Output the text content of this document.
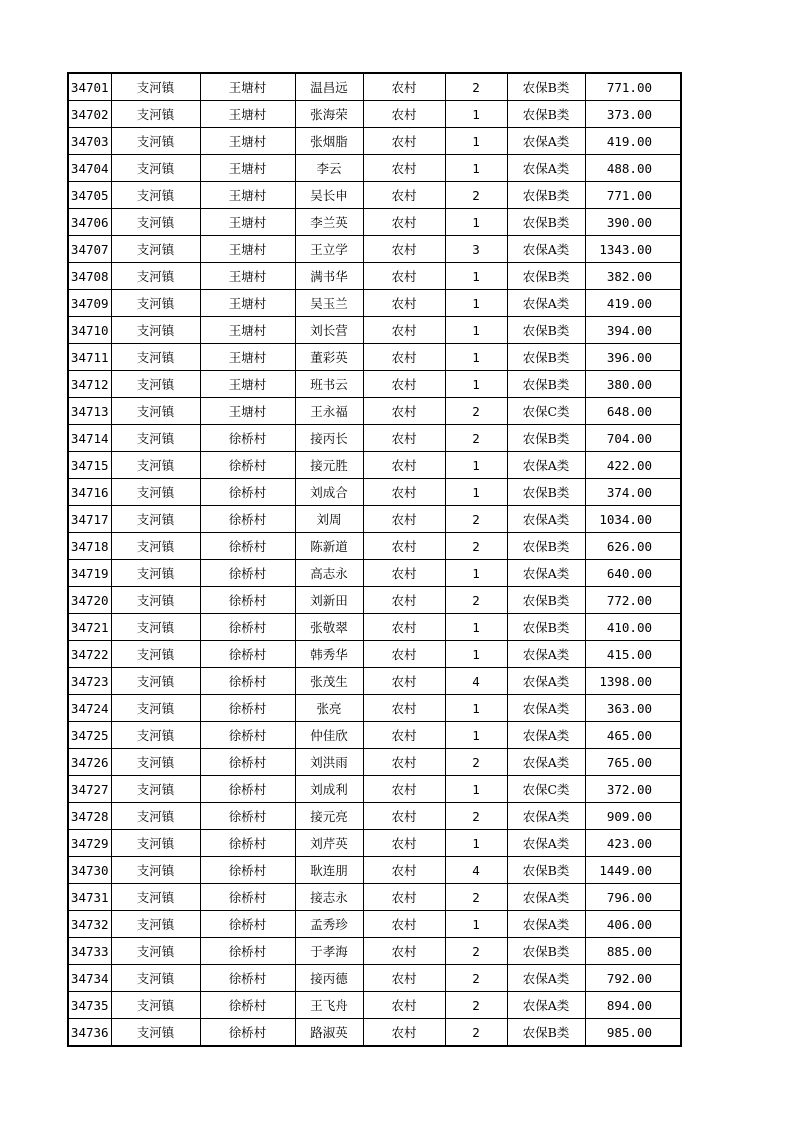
34701	支河镇	王塘村	温昌远	农村	2	农保B类	771.00
34702	支河镇	王塘村	张海荣	农村	1	农保B类	373.00
34703	支河镇	王塘村	张烟脂	农村	1	农保A类	419.00
34704	支河镇	王塘村	李云	农村	1	农保A类	488.00
34705	支河镇	王塘村	吴长申	农村	2	农保B类	771.00
34706	支河镇	王塘村	李兰英	农村	1	农保B类	390.00
34707	支河镇	王塘村	王立学	农村	3	农保A类	1343.00
34708	支河镇	王塘村	满书华	农村	1	农保B类	382.00
34709	支河镇	王塘村	吴玉兰	农村	1	农保A类	419.00
34710	支河镇	王塘村	刘长营	农村	1	农保B类	394.00
34711	支河镇	王塘村	董彩英	农村	1	农保B类	396.00
34712	支河镇	王塘村	班书云	农村	1	农保B类	380.00
34713	支河镇	王塘村	王永福	农村	2	农保C类	648.00
34714	支河镇	徐桥村	接丙长	农村	2	农保B类	704.00
34715	支河镇	徐桥村	接元胜	农村	1	农保A类	422.00
34716	支河镇	徐桥村	刘成合	农村	1	农保B类	374.00
34717	支河镇	徐桥村	刘周	农村	2	农保A类	1034.00
34718	支河镇	徐桥村	陈新道	农村	2	农保B类	626.00
34719	支河镇	徐桥村	高志永	农村	1	农保A类	640.00
34720	支河镇	徐桥村	刘新田	农村	2	农保B类	772.00
34721	支河镇	徐桥村	张敬翠	农村	1	农保B类	410.00
34722	支河镇	徐桥村	韩秀华	农村	1	农保A类	415.00
34723	支河镇	徐桥村	张茂生	农村	4	农保A类	1398.00
34724	支河镇	徐桥村	张亮	农村	1	农保A类	363.00
34725	支河镇	徐桥村	仲佳欣	农村	1	农保A类	465.00
34726	支河镇	徐桥村	刘洪雨	农村	2	农保A类	765.00
34727	支河镇	徐桥村	刘成利	农村	1	农保C类	372.00
34728	支河镇	徐桥村	接元亮	农村	2	农保A类	909.00
34729	支河镇	徐桥村	刘芹英	农村	1	农保A类	423.00
34730	支河镇	徐桥村	耿连朋	农村	4	农保B类	1449.00
34731	支河镇	徐桥村	接志永	农村	2	农保A类	796.00
34732	支河镇	徐桥村	孟秀珍	农村	1	农保A类	406.00
34733	支河镇	徐桥村	于孝海	农村	2	农保B类	885.00
34734	支河镇	徐桥村	接丙德	农村	2	农保A类	792.00
34735	支河镇	徐桥村	王飞舟	农村	2	农保A类	894.00
34736	支河镇	徐桥村	路淑英	农村	2	农保B类	985.00
